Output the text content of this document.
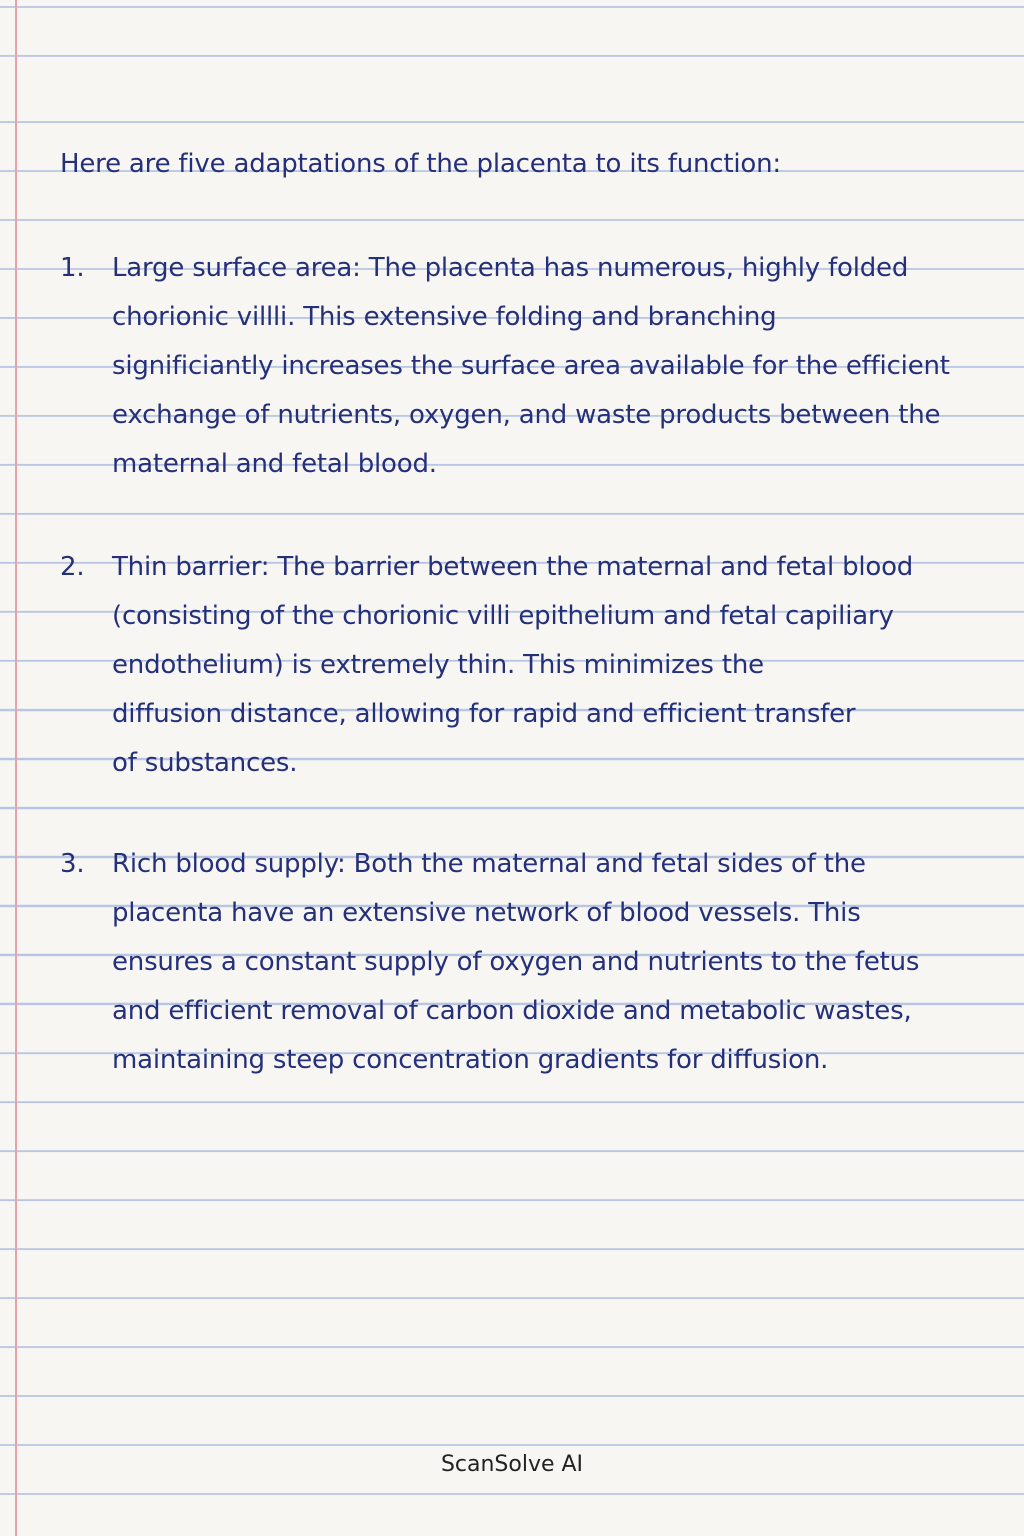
Here are five adaptations of the placenta to its function:
1. Large surface area: The placenta has numerous, highly folded
chorionic villli. This extensive folding and branching
significiantly increases the surface area available for the efficient
exchange of nutrients, oxygen, and waste products between the
maternal and fetal blood.
2. Thin barrier: The barrier between the maternal and fetal blood
(consisting of the chorionic villi epithelium and fetal capiliary
endothelium) is extremely thin. This minimizes the
diffusion distance, allowing for rapid and efficient transfer
of substances.
3. Rich blood supply: Both the maternal and fetal sides of the
placenta have an extensive network of blood vessels. This
ensures a constant supply of oxygen and nutrients to the fetus
and efficient removal of carbon dioxide and metabolic wastes,
maintaining steep concentration gradients for diffusion.
ScanSolve AI
